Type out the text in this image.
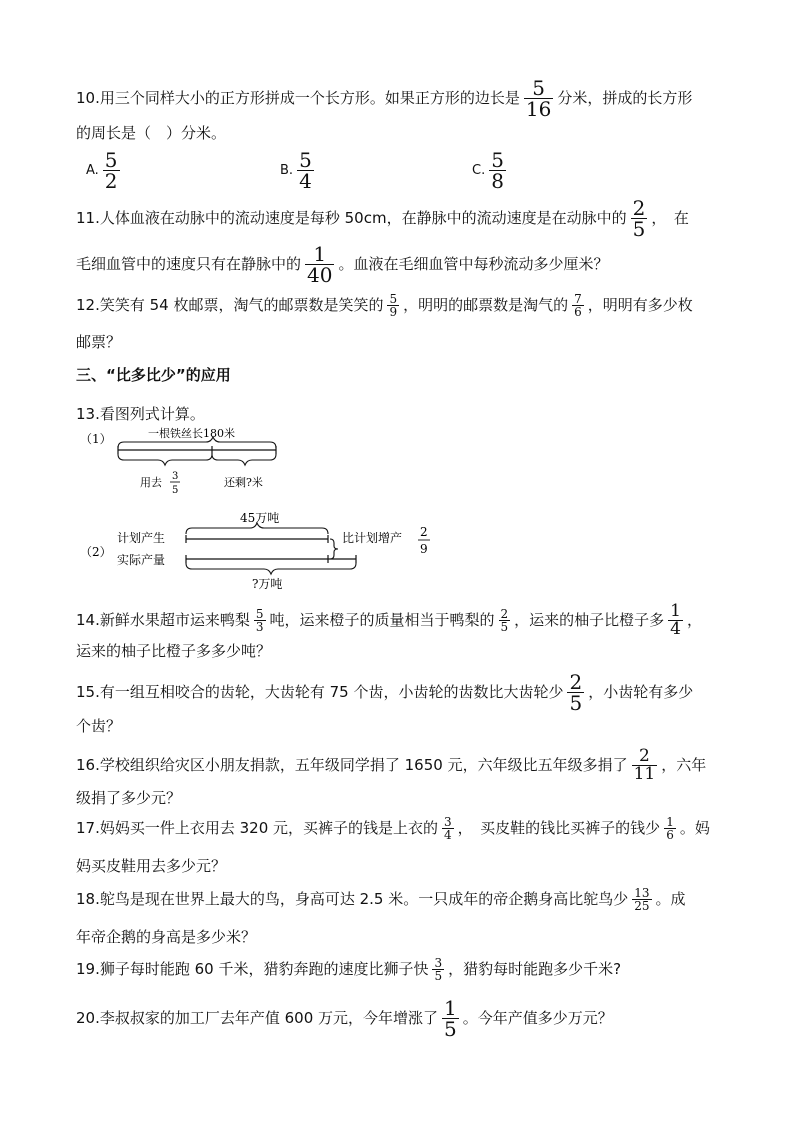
10.用三个同样大小的正方形拼成一个长方形。如果正方形的边长是 $\frac{5}{16}$ 分米，拼成的长方形
的周长是（　）分米。
A. $\frac{5}{2}$	B. $\frac{5}{4}$	C. $\frac{5}{8}$
11.人体血液在动脉中的流动速度是每秒 50cm，在静脉中的流动速度是在动脉中的 $\frac{2}{5}$ ，　在
毛细血管中的速度只有在静脉中的 $\frac{1}{40}$ 。血液在毛细血管中每秒流动多少厘米？
12.笑笑有 54 枚邮票，淘气的邮票数是笑笑的 $\frac{5}{9}$ ，明明的邮票数是淘气的 $\frac{7}{6}$ ，明明有多少枚
邮票？
三、“比多比少”的应用
13.看图列式计算。
（1）	一根铁丝长180米
用去 3
5
还剩?米
45万吨
计划产生
（2）
实际产量
比计划增产 2
9
?万吨
14.新鲜水果超市运来鸭梨 $\frac{5}{3}$ 吨，运来橙子的质量相当于鸭梨的 $\frac{2}{5}$ ，运来的柚子比橙子多 $\frac{1}{4}$ ，
运来的柚子比橙子多多少吨？
15.有一组互相咬合的齿轮，大齿轮有 75 个齿，小齿轮的齿数比大齿轮少 $\frac{2}{5}$ ，小齿轮有多少
个齿？
16.学校组织给灾区小朋友捐款，五年级同学捐了 1650 元，六年级比五年级多捐了 $\frac{2}{11}$ ，六年
级捐了多少元？
17.妈妈买一件上衣用去 320 元，买裤子的钱是上衣的 $\frac{3}{4}$ ，　买皮鞋的钱比买裤子的钱少 $\frac{1}{6}$ 。妈
妈买皮鞋用去多少元？
18.鸵鸟是现在世界上最大的鸟，身高可达 2.5 米。一只成年的帝企鹅身高比鸵鸟少 $\frac{13}{25}$ 。成
年帝企鹅的身高是多少米？
19.狮子每时能跑 60 千米，猎豹奔跑的速度比狮子快 $\frac{3}{5}$ ，猎豹每时能跑多少千米?
20.李叔叔家的加工厂去年产值 600 万元，今年增涨了 $\frac{1}{5}$ 。今年产值多少万元？
